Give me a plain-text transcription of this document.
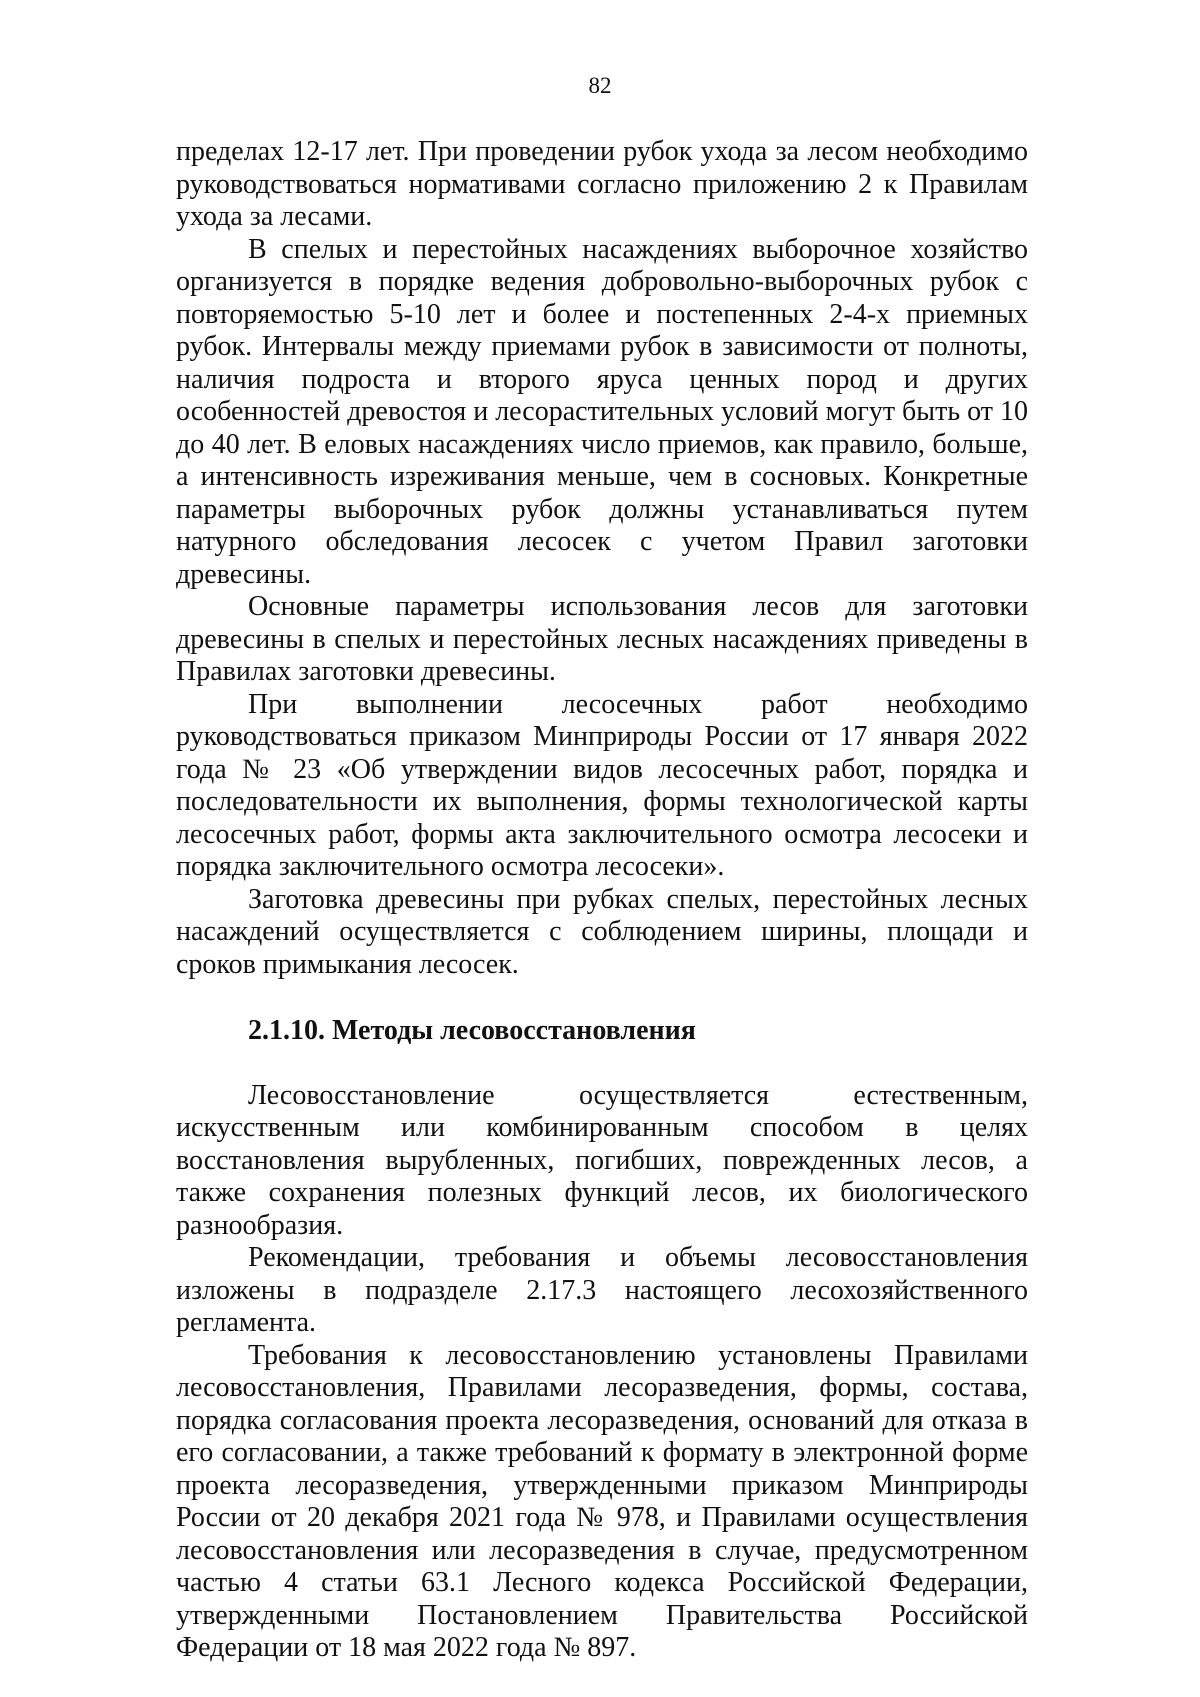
82

пределах 12-17 лет. При проведении рубок ухода за лесом необходимо руководствоваться нормативами согласно приложению 2 к Правилам ухода за лесами.

В спелых и перестойных насаждениях выборочное хозяйство организуется в порядке ведения добровольно-выборочных рубок с повторяемостью 5-10 лет и более и постепенных 2-4-х приемных рубок. Интервалы между приемами рубок в зависимости от полноты, наличия подроста и второго яруса ценных пород и других особенностей древостоя и лесорастительных условий могут быть от 10 до 40 лет. В еловых насаждениях число приемов, как правило, больше, а интенсивность изреживания меньше, чем в сосновых. Конкретные параметры выборочных рубок должны устанавливаться путем натурного обследования лесосек с учетом Правил заготовки древесины.

Основные параметры использования лесов для заготовки древесины в спелых и перестойных лесных насаждениях приведены в Правилах заготовки древесины.

При выполнении лесосечных работ необходимо руководствоваться приказом Минприроды России от 17 января 2022 года № 23 «Об утверждении видов лесосечных работ, порядка и последовательности их выполнения, формы технологической карты лесосечных работ, формы акта заключительного осмотра лесосеки и порядка заключительного осмотра лесосеки».

Заготовка древесины при рубках спелых, перестойных лесных насаждений осуществляется с соблюдением ширины, площади и сроков примыкания лесосек.

2.1.10. Методы лесовосстановления

Лесовосстановление осуществляется естественным, искусственным или комбинированным способом в целях восстановления вырубленных, погибших, поврежденных лесов, а также сохранения полезных функций лесов, их биологического разнообразия.

Рекомендации, требования и объемы лесовосстановления изложены в подразделе 2.17.3 настоящего лесохозяйственного регламента.

Требования к лесовосстановлению установлены Правилами лесовосстановления, Правилами лесоразведения, формы, состава, порядка согласования проекта лесоразведения, оснований для отказа в его согласовании, а также требований к формату в электронной форме проекта лесоразведения, утвержденными приказом Минприроды России от 20 декабря 2021 года № 978, и Правилами осуществления лесовосстановления или лесоразведения в случае, предусмотренном частью 4 статьи 63.1 Лесного кодекса Российской Федерации, утвержденными Постановлением Правительства Российской Федерации от 18 мая 2022 года № 897.
